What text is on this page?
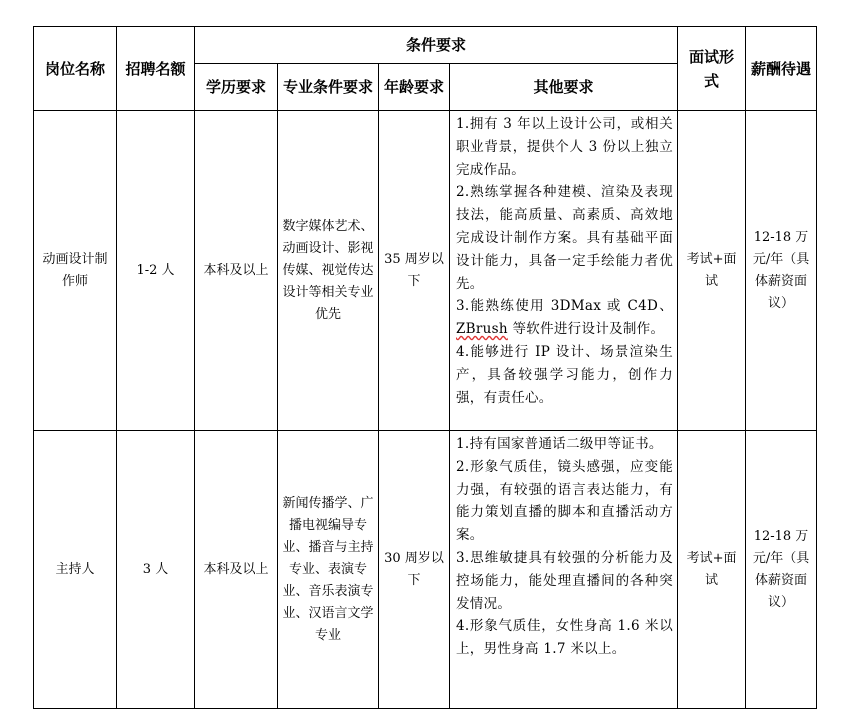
岗位名称	招聘名额	条件要求				面试形式	薪酬待遇

		学历要求	专业条件要求	年龄要求	其他要求		

动画设计制作师	1-2 人	本科及以上	数字媒体艺术、动画设计、影视传媒、视觉传达设计等相关专业优先	35 周岁以下	1.拥有 3 年以上设计公司，或相关职业背景，提供个人 3 份以上独立完成作品。

2.熟练掌握各种建模、渲染及表现技法，能高质量、高素质、高效地完成设计制作方案。具有基础平面设计能力，具备一定手绘能力者优先。

3.能熟练使用 3DMax 或 C4D、ZBrush 等软件进行设计及制作。

4.能够进行 IP 设计、场景渲染生产，具备较强学习能力，创作力强，有责任心。	考试+面试	12-18 万元/年（具体薪资面议）

主持人	3 人	本科及以上	新闻传播学、广播电视编导专业、播音与主持专业、表演专业、音乐表演专业、汉语言文学专业	30 周岁以下	1.持有国家普通话二级甲等证书。

2.形象气质佳，镜头感强，应变能力强，有较强的语言表达能力，有能力策划直播的脚本和直播活动方案。

3.思维敏捷具有较强的分析能力及控场能力，能处理直播间的各种突发情况。

4.形象气质佳，女性身高 1.6 米以上，男性身高 1.7 米以上。	考试+面试	12-18 万元/年（具体薪资面议）
